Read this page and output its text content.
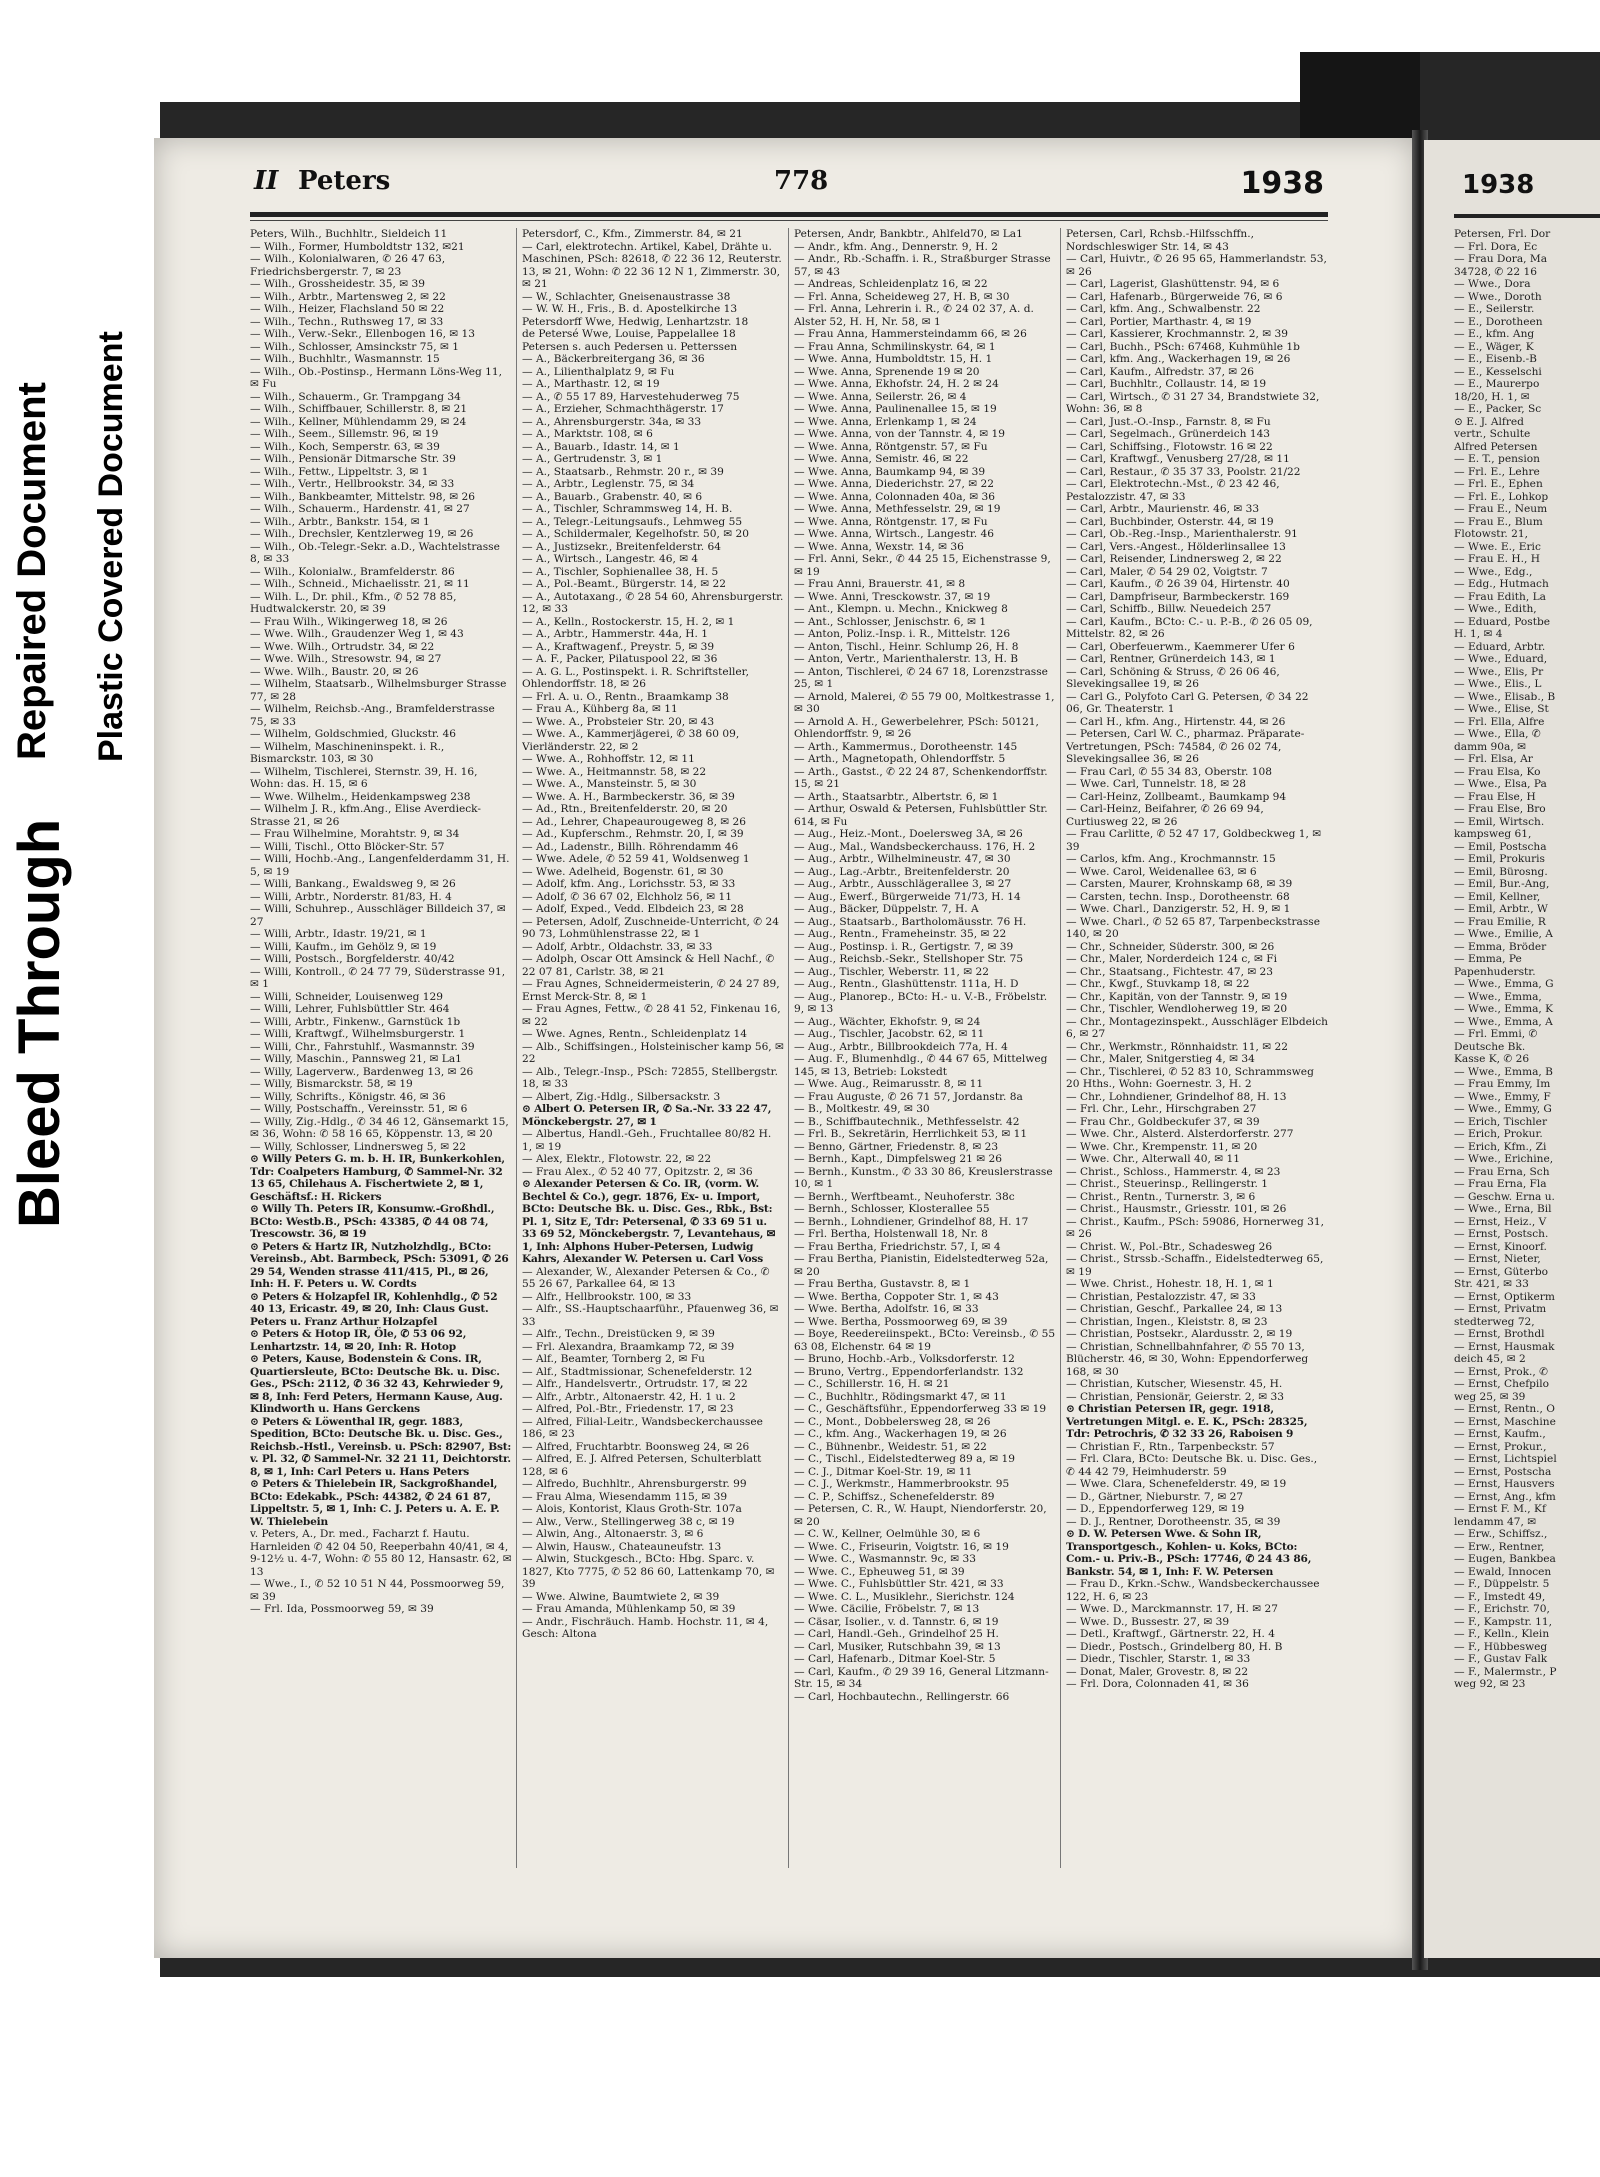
Bleed Through
Repaired Document Plastic Covered Document
II Peters	778	1938

Peters, Wilh., Buchhltr., Sieldeich 11

— Wilh., Former, Humboldtstr 132, ✉21

— Wilh., Kolonialwaren, ✆ 26 47 63, Friedrichsbergerstr. 7, ✉ 23

— Wilh., Grossheidestr. 35, ✉ 39

— Wilh., Arbtr., Martensweg 2, ✉ 22

— Wilh., Heizer, Flachsland 50 ✉ 22

— Wilh., Techn., Ruthsweg 17, ✉ 33

— Wilh., Verw.-Sekr., Ellenbogen 16, ✉ 13

— Wilh., Schlosser, Amsinckstr 75, ✉ 1

— Wilh., Buchhltr., Wasmannstr. 15

— Wilh., Ob.-Postinsp., Hermann Löns-Weg 11, ✉ Fu

— Wilh., Schauerm., Gr. Trampgang 34

— Wilh., Schiffbauer, Schillerstr. 8, ✉ 21

— Wilh., Kellner, Mühlendamm 29, ✉ 24

— Wilh., Seem., Sillemstr. 96, ✉ 19

— Wilh., Koch, Semperstr. 63, ✉ 39

— Wilh., Pensionär Ditmarsche Str. 39

— Wilh., Fettw., Lippeltstr. 3, ✉ 1

— Wilh., Vertr., Hellbrookstr. 34, ✉ 33

— Wilh., Bankbeamter, Mittelstr. 98, ✉ 26

— Wilh., Schauerm., Hardenstr. 41, ✉ 27

— Wilh., Arbtr., Bankstr. 154, ✉ 1

— Wilh., Drechsler, Kentzlerweg 19, ✉ 26

— Wilh., Ob.-Telegr.-Sekr. a.D., Wachtelstrasse 8, ✉ 33

— Wilh., Kolonialw., Bramfelderstr. 86

— Wilh., Schneid., Michaelisstr. 21, ✉ 11

— Wilh. L., Dr. phil., Kfm., ✆ 52 78 85, Hudtwalckerstr. 20, ✉ 39

— Frau Wilh., Wikingerweg 18, ✉ 26

— Wwe. Wilh., Graudenzer Weg 1, ✉ 43

— Wwe. Wilh., Ortrudstr. 34, ✉ 22

— Wwe. Wilh., Stresowstr. 94, ✉ 27

— Wwe. Wilh., Baustr. 20, ✉ 26

— Wilhelm, Staatsarb., Wilhelmsburger Strasse 77, ✉ 28

— Wilhelm, Reichsb.-Ang., Bramfelderstrasse 75, ✉ 33

— Wilhelm, Goldschmied, Gluckstr. 46

— Wilhelm, Maschineninspekt. i. R., Bismarckstr. 103, ✉ 30

— Wilhelm, Tischlerei, Sternstr. 39, H. 16, Wohn: das. H. 15, ✉ 6

— Wwe. Wilhelm., Heidenkampsweg 238

— Wilhelm J. R., kfm.Ang., Elise Averdieck-Strasse 21, ✉ 26

— Frau Wilhelmine, Morahtstr. 9, ✉ 34

— Willi, Tischl., Otto Blöcker-Str. 57

— Willi, Hochb.-Ang., Langenfelderdamm 31, H. 5, ✉ 19

— Willi, Bankang., Ewaldsweg 9, ✉ 26

— Willi, Arbtr., Norderstr. 81/83, H. 4

— Willi, Schuhrep., Ausschläger Billdeich 37, ✉ 27

— Willi, Arbtr., Idastr. 19/21, ✉ 1

— Willi, Kaufm., im Gehölz 9, ✉ 19

— Willi, Postsch., Borgfelderstr. 40/42

— Willi, Kontroll., ✆ 24 77 79, Süderstrasse 91, ✉ 1

— Willi, Schneider, Louisenweg 129

— Willi, Lehrer, Fuhlsbüttler Str. 464

— Willi, Arbtr., Finkenw., Garnstück 1b

— Willi, Kraftwgf., Wilhelmsburgerstr. 1

— Willi, Chr., Fahrstuhlf., Wasmannstr. 39

— Willy, Maschin., Pannsweg 21, ✉ La1

— Willy, Lagerverw., Bardenweg 13, ✉ 26

— Willy, Bismarckstr. 58, ✉ 19

— Willy, Schrifts., Königstr. 46, ✉ 36

— Willy, Postschaffn., Vereinsstr. 51, ✉ 6

— Willy, Zig.-Hdlg., ✆ 34 46 12, Gänsemarkt 15, ✉ 36, Wohn: ✆ 58 16 65, Köppenstr. 13, ✉ 20

— Willy, Schlosser, Lindnersweg 5, ✉ 22

⊙ Willy Peters G. m. b. H. IR, Bunkerkohlen, Tdr: Coalpeters Hamburg, ✆ Sammel-Nr. 32 13 65, Chilehaus A. Fischertwiete 2, ✉ 1, Geschäftsf.: H. Rickers

⊙ Willy Th. Peters IR, Konsumw.-Großhdl., BCto: Westb.B., PSch: 43385, ✆ 44 08 74, Trescowstr. 36, ✉ 19

⊙ Peters & Hartz IR, Nutzholzhdlg., BCto: Vereinsb., Abt. Barmbeck, PSch: 53091, ✆ 26 29 54, Wenden strasse 411/415, Pl., ✉ 26, Inh: H. F. Peters u. W. Cordts

⊙ Peters & Holzapfel IR, Kohlenhdlg., ✆ 52 40 13, Ericastr. 49, ✉ 20, Inh: Claus Gust. Peters u. Franz Arthur Holzapfel

⊙ Peters & Hotop IR, Öle, ✆ 53 06 92, Lenhartzstr. 14, ✉ 20, Inh: R. Hotop

⊙ Peters, Kause, Bodenstein & Cons. IR, Quartiersleute, BCto: Deutsche Bk. u. Disc. Ges., PSch: 2112, ✆ 36 32 43, Kehrwieder 9, ✉ 8, Inh: Ferd Peters, Hermann Kause, Aug. Klindworth u. Hans Gerckens

⊙ Peters & Löwenthal IR, gegr. 1883, Spedition, BCto: Deutsche Bk. u. Disc. Ges., Reichsb.-Hstl., Vereinsb. u. PSch: 82907, Bst: v. Pl. 32, ✆ Sammel-Nr. 32 21 11, Deichtorstr. 8, ✉ 1, Inh: Carl Peters u. Hans Peters

⊙ Peters & Thielebein IR, Sackgroßhandel, BCto: Edekabk., PSch: 44382, ✆ 24 61 87, Lippeltstr. 5, ✉ 1, Inh: C. J. Peters u. A. E. P. W. Thielebein

v. Peters, A., Dr. med., Facharzt f. Hautu. Harnleiden ✆ 42 04 50, Reeperbahn 40/41, ✉ 4, 9-12½ u. 4-7, Wohn: ✆ 55 80 12, Hansastr. 62, ✉ 13

— Wwe., I., ✆ 52 10 51 N 44, Possmoorweg 59, ✉ 39

— Frl. Ida, Possmoorweg 59, ✉ 39

Petersdorf, C., Kfm., Zimmerstr. 84, ✉ 21

— Carl, elektrotechn. Artikel, Kabel, Drähte u. Maschinen, PSch: 82618, ✆ 22 36 12, Reuterstr. 13, ✉ 21, Wohn: ✆ 22 36 12 N 1, Zimmerstr. 30, ✉ 21

— W., Schlachter, Gneisenaustrasse 38

— W. W. H., Fris., B. d. Apostelkirche 13

Petersdorff Wwe, Hedwig, Lenhartzstr. 18

de Petersé Wwe, Louise, Pappelallee 18

Petersen s. auch Pedersen u. Petterssen

— A., Bäckerbreitergang 36, ✉ 36

— A., Lilienthalplatz 9, ✉ Fu

— A., Marthastr. 12, ✉ 19

— A., ✆ 55 17 89, Harvestehuderweg 75

— A., Erzieher, Schmachthägerstr. 17

— A., Ahrensburgerstr. 34a, ✉ 33

— A., Marktstr. 108, ✉ 6

— A., Bauarb., Idastr. 14, ✉ 1

— A., Gertrudenstr. 3, ✉ 1

— A., Staatsarb., Rehmstr. 20 r., ✉ 39

— A., Arbtr., Leglenstr. 75, ✉ 34

— A., Bauarb., Grabenstr. 40, ✉ 6

— A., Tischler, Schrammsweg 14, H. B.

— A., Telegr.-Leitungsaufs., Lehmweg 55

— A., Schildermaler, Kegelhofstr. 50, ✉ 20

— A., Justizsekr., Breitenfelderstr. 64

— A., Wirtsch., Langestr. 46, ✉ 4

— A., Tischler, Sophienallee 38, H. 5

— A., Pol.-Beamt., Bürgerstr. 14, ✉ 22

— A., Autotaxang., ✆ 28 54 60, Ahrensburgerstr. 12, ✉ 33

— A., Kelln., Rostockerstr. 15, H. 2, ✉ 1

— A., Arbtr., Hammerstr. 44a, H. 1

— A., Kraftwagenf., Preystr. 5, ✉ 39

— A. F., Packer, Pilatuspool 22, ✉ 36

— A. G. L., Postinspekt. i. R. Schriftsteller, Ohlendorffstr. 18, ✉ 26

— Frl. A. u. O., Rentn., Braamkamp 38

— Frau A., Kühberg 8a, ✉ 11

— Wwe. A., Probsteier Str. 20, ✉ 43

— Wwe. A., Kammerjägerei, ✆ 38 60 09, Vierländerstr. 22, ✉ 2

— Wwe. A., Rohhoffstr. 12, ✉ 11

— Wwe. A., Heitmannstr. 58, ✉ 22

— Wwe. A., Mansteinstr. 5, ✉ 30

— Wwe. A. H., Barmbeckerstr. 36, ✉ 39

— Ad., Rtn., Breitenfelderstr. 20, ✉ 20

— Ad., Lehrer, Chapeaurougeweg 8, ✉ 26

— Ad., Kupferschm., Rehmstr. 20, I, ✉ 39

— Ad., Ladenstr., Billh. Röhrendamm 46

— Wwe. Adele, ✆ 52 59 41, Woldsenweg 1

— Wwe. Adelheid, Bogenstr. 61, ✉ 30

— Adolf, kfm. Ang., Lorichsstr. 53, ✉ 33

— Adolf, ✆ 36 67 02, Elchholz 56, ✉ 11

— Adolf, Exped., Vedd. Elbdeich 23, ✉ 28

— Petersen, Adolf, Zuschneide-Unterricht, ✆ 24 90 73, Lohmühlenstrasse 22, ✉ 1

— Adolf, Arbtr., Oldachstr. 33, ✉ 33

— Adolph, Oscar Ott Amsinck & Hell Nachf., ✆ 22 07 81, Carlstr. 38, ✉ 21

— Frau Agnes, Schneidermeisterin, ✆ 24 27 89, Ernst Merck-Str. 8, ✉ 1

— Frau Agnes, Fettw., ✆ 28 41 52, Finkenau 16, ✉ 22

— Wwe. Agnes, Rentn., Schleidenplatz 14

— Alb., Schiffsingen., Holsteinischer kamp 56, ✉ 22

— Alb., Telegr.-Insp., PSch: 72855, Stellbergstr. 18, ✉ 33

— Albert, Zig.-Hdlg., Silbersackstr. 3

⊙ Albert O. Petersen IR, ✆ Sa.-Nr. 33 22 47, Mönckebergstr. 27, ✉ 1

— Albertus, Handl.-Geh., Fruchtallee 80/82 H. 1, ✉ 19

— Alex, Elektr., Flotowstr. 22, ✉ 22

— Frau Alex., ✆ 52 40 77, Opitzstr. 2, ✉ 36

⊙ Alexander Petersen & Co. IR, (vorm. W. Bechtel & Co.), gegr. 1876, Ex- u. Import, BCto: Deutsche Bk. u. Disc. Ges., Rbk., Bst: Pl. 1, Sitz E, Tdr: Petersenal, ✆ 33 69 51 u. 33 69 52, Mönckebergstr. 7, Levantehaus, ✉ 1, Inh: Alphons Huber-Petersen, Ludwig Kahrs, Alexander W. Petersen u. Carl Voss

— Alexander, W., Alexander Petersen & Co., ✆ 55 26 67, Parkallee 64, ✉ 13

— Alfr., Hellbrookstr. 100, ✉ 33

— Alfr., SS.-Hauptschaarführ., Pfauenweg 36, ✉ 33

— Alfr., Techn., Dreistücken 9, ✉ 39

— Frl. Alexandra, Braamkamp 72, ✉ 39

— Alf., Beamter, Tornberg 2, ✉ Fu

— Alf., Stadtmissionar, Schenefelderstr. 12

— Alfr., Handelsvertr., Ortrudstr. 17, ✉ 22

— Alfr., Arbtr., Altonaerstr. 42, H. 1 u. 2

— Alfred, Pol.-Btr., Friedenstr. 17, ✉ 23

— Alfred, Filial-Leitr., Wandsbeckerchaussee 186, ✉ 23

— Alfred, Fruchtarbtr. Boonsweg 24, ✉ 26

— Alfred, E. J. Alfred Petersen, Schulterblatt 128, ✉ 6

— Alfredo, Buchhltr., Ahrensburgerstr. 99

— Frau Alma, Wiesendamm 115, ✉ 39

— Alois, Kontorist, Klaus Groth-Str. 107a

— Alw., Verw., Stellingerweg 38 c, ✉ 19

— Alwin, Ang., Altonaerstr. 3, ✉ 6

— Alwin, Hausw., Chateauneufstr. 13

— Alwin, Stuckgesch., BCto: Hbg. Sparc. v. 1827, Kto 7775, ✆ 52 86 60, Lattenkamp 70, ✉ 39

— Wwe. Alwine, Baumtwiete 2, ✉ 39

— Frau Amanda, Mühlenkamp 50, ✉ 39

— Andr., Fischräuch. Hamb. Hochstr. 11, ✉ 4, Gesch: Altona

Petersen, Andr, Bankbtr., Ahlfeld70, ✉ La1

— Andr., kfm. Ang., Dennerstr. 9, H. 2

— Andr., Rb.-Schaffn. i. R., Straßburger Strasse 57, ✉ 43

— Andreas, Schleidenplatz 16, ✉ 22

— Frl. Anna, Scheideweg 27, H. B, ✉ 30

— Frl. Anna, Lehrerin i. R., ✆ 24 02 37, A. d. Alster 52, H. H, Nr. 58, ✉ 1

— Frau Anna, Hammersteindamm 66, ✉ 26

— Frau Anna, Schmilinskystr. 64, ✉ 1

— Wwe. Anna, Humboldtstr. 15, H. 1

— Wwe. Anna, Sprenende 19 ✉ 20

— Wwe. Anna, Ekhofstr. 24, H. 2 ✉ 24

— Wwe. Anna, Seilerstr. 26, ✉ 4

— Wwe. Anna, Paulinenallee 15, ✉ 19

— Wwe. Anna, Erlenkamp 1, ✉ 24

— Wwe. Anna, von der Tannstr. 4, ✉ 19

— Wwe. Anna, Röntgenstr. 57, ✉ Fu

— Wwe. Anna, Semistr. 46, ✉ 22

— Wwe. Anna, Baumkamp 94, ✉ 39

— Wwe. Anna, Diederichstr. 27, ✉ 22

— Wwe. Anna, Colonnaden 40a, ✉ 36

— Wwe. Anna, Methfesselstr. 29, ✉ 19

— Wwe. Anna, Röntgenstr. 17, ✉ Fu

— Wwe. Anna, Wirtsch., Langestr. 46

— Wwe. Anna, Wexstr. 14, ✉ 36

— Frl. Anni, Sekr., ✆ 44 25 15, Eichenstrasse 9, ✉ 19

— Frau Anni, Brauerstr. 41, ✉ 8

— Wwe. Anni, Tresckowstr. 37, ✉ 19

— Ant., Klempn. u. Mechn., Knickweg 8

— Ant., Schlosser, Jenischstr. 6, ✉ 1

— Anton, Poliz.-Insp. i. R., Mittelstr. 126

— Anton, Tischl., Heinr. Schlump 26, H. 8

— Anton, Vertr., Marienthalerstr. 13, H. B

— Anton, Tischlerei, ✆ 24 67 18, Lorenzstrasse 25, ✉ 1

— Arnold, Malerei, ✆ 55 79 00, Moltkestrasse 1, ✉ 30

— Arnold A. H., Gewerbelehrer, PSch: 50121, Ohlendorffstr. 9, ✉ 26

— Arth., Kammermus., Dorotheenstr. 145

— Arth., Magnetopath, Ohlendorffstr. 5

— Arth., Gastst., ✆ 22 24 87, Schenkendorffstr. 15, ✉ 21

— Arth., Staatsarbtr., Albertstr. 6, ✉ 1

— Arthur, Oswald & Petersen, Fuhlsbüttler Str. 614, ✉ Fu

— Aug., Heiz.-Mont., Doelersweg 3A, ✉ 26

— Aug., Mal., Wandsbeckerchauss. 176, H. 2

— Aug., Arbtr., Wilhelmineustr. 47, ✉ 30

— Aug., Lag.-Arbtr., Breitenfelderstr. 20

— Aug., Arbtr., Ausschlägerallee 3, ✉ 27

— Aug., Ewerf., Bürgerweide 71/73, H. 14

— Aug., Bäcker, Düppelstr. 7, H. A

— Aug., Staatsarb., Bartholomäusstr. 76 H.

— Aug., Rentn., Frameheinstr. 35, ✉ 22

— Aug., Postinsp. i. R., Gertigstr. 7, ✉ 39

— Aug., Reichsb.-Sekr., Stellshoper Str. 75

— Aug., Tischler, Weberstr. 11, ✉ 22

— Aug., Rentn., Glashüttenstr. 111a, H. D

— Aug., Planorep., BCto: H.- u. V.-B., Fröbelstr. 9, ✉ 13

— Aug., Wächter, Ekhofstr. 9, ✉ 24

— Aug., Tischler, Jacobstr. 62, ✉ 11

— Aug., Arbtr., Billbrookdeich 77a, H. 4

— Aug. F., Blumenhdlg., ✆ 44 67 65, Mittelweg 145, ✉ 13, Betrieb: Lokstedt

— Wwe. Aug., Reimarusstr. 8, ✉ 11

— Frau Auguste, ✆ 26 71 57, Jordanstr. 8a

— B., Moltkestr. 49, ✉ 30

— B., Schiffbautechnik., Methfesselstr. 42

— Frl. B., Sekretärin, Herrlichkeit 53, ✉ 11

— Benno, Gärtner, Friedenstr. 8, ✉ 23

— Bernh., Kapt., Dimpfelsweg 21 ✉ 26

— Bernh., Kunstm., ✆ 33 30 86, Kreuslerstrasse 10, ✉ 1

— Bernh., Werftbeamt., Neuhoferstr. 38c

— Bernh., Schlosser, Klosterallee 55

— Bernh., Lohndiener, Grindelhof 88, H. 17

— Frl. Bertha, Holstenwall 18, Nr. 8

— Frau Bertha, Friedrichstr. 57, I, ✉ 4

— Frau Bertha, Pianistin, Eidelstedterweg 52a, ✉ 20

— Frau Bertha, Gustavstr. 8, ✉ 1

— Wwe. Bertha, Coppoter Str. 1, ✉ 43

— Wwe. Bertha, Adolfstr. 16, ✉ 33

— Wwe. Bertha, Possmoorweg 69, ✉ 39

— Boye, Reedereiinspekt., BCto: Vereinsb., ✆ 55 63 08, Elchenstr. 64 ✉ 19

— Bruno, Hochb.-Arb., Volksdorferstr. 12

— Bruno, Vertrg., Eppendorferlandstr. 132

— C., Schillerstr. 16, H. ✉ 21

— C., Buchhltr., Rödingsmarkt 47, ✉ 11

— C., Geschäftsführ., Eppendorferweg 33 ✉ 19

— C., Mont., Dobbelersweg 28, ✉ 26

— C., kfm. Ang., Wackerhagen 19, ✉ 26

— C., Bühnenbr., Weidestr. 51, ✉ 22

— C., Tischl., Eidelstedterweg 89 a, ✉ 19

— C. J., Ditmar Koel-Str. 19, ✉ 11

— C. J., Werkmstr., Hammerbrookstr. 95

— C. P., Schiffsz., Schenefelderstr. 89

— Petersen, C. R., W. Haupt, Niendorferstr. 20, ✉ 20

— C. W., Kellner, Oelmühle 30, ✉ 6

— Wwe. C., Friseurin, Voigtstr. 16, ✉ 19

— Wwe. C., Wasmannstr. 9c, ✉ 33

— Wwe. C., Epheuweg 51, ✉ 39

— Wwe. C., Fuhlsbüttler Str. 421, ✉ 33

— Wwe. C. L., Musiklehr., Sierichstr. 124

— Wwe. Cäcilie, Fröbelstr. 7, ✉ 13

— Cäsar, Isolier., v. d. Tannstr. 6, ✉ 19

— Carl, Handl.-Geh., Grindelhof 25 H.

— Carl, Musiker, Rutschbahn 39, ✉ 13

— Carl, Hafenarb., Ditmar Koel-Str. 5

— Carl, Kaufm., ✆ 29 39 16, General Litzmann-Str. 15, ✉ 34

— Carl, Hochbautechn., Rellingerstr. 66

Petersen, Carl, Rchsb.-Hilfsschffn., Nordschleswiger Str. 14, ✉ 43

— Carl, Huivtr., ✆ 26 95 65, Hammerlandstr. 53, ✉ 26

— Carl, Lagerist, Glashüttenstr. 94, ✉ 6

— Carl, Hafenarb., Bürgerweide 76, ✉ 6

— Carl, kfm. Ang., Schwalbenstr. 22

— Carl, Portier, Marthastr. 4, ✉ 19

— Carl, Kassierer, Krochmannstr. 2, ✉ 39

— Carl, Buchh., PSch: 67468, Kuhmühle 1b

— Carl, kfm. Ang., Wackerhagen 19, ✉ 26

— Carl, Kaufm., Alfredstr. 37, ✉ 26

— Carl, Buchhltr., Collaustr. 14, ✉ 19

— Carl, Wirtsch., ✆ 31 27 34, Brandstwiete 32, Wohn: 36, ✉ 8

— Carl, Just.-O.-Insp., Farnstr. 8, ✉ Fu

— Carl, Segelmach., Grünerdeich 143

— Carl, Schiffsing., Flotowstr. 16 ✉ 22

— Carl, Kraftwgf., Venusberg 27/28, ✉ 11

— Carl, Restaur., ✆ 35 37 33, Poolstr. 21/22

— Carl, Elektrotechn.-Mst., ✆ 23 42 46, Pestalozzistr. 47, ✉ 33

— Carl, Arbtr., Maurienstr. 46, ✉ 33

— Carl, Buchbinder, Osterstr. 44, ✉ 19

— Carl, Ob.-Reg.-Insp., Marienthalerstr. 91

— Carl, Vers.-Angest., Hölderlinsallee 13

— Carl, Reisender, Lindnersweg 2, ✉ 22

— Carl, Maler, ✆ 54 29 02, Voigtstr. 7

— Carl, Kaufm., ✆ 26 39 04, Hirtenstr. 40

— Carl, Dampfriseur, Barmbeckerstr. 169

— Carl, Schiffb., Billw. Neuedeich 257

— Carl, Kaufm., BCto: C.- u. P.-B., ✆ 26 05 09, Mittelstr. 82, ✉ 26

— Carl, Oberfeuerwm., Kaemmerer Ufer 6

— Carl, Rentner, Grünerdeich 143, ✉ 1

— Carl, Schöning & Struss, ✆ 26 06 46, Slevekingsallee 19, ✉ 26

— Carl G., Polyfoto Carl G. Petersen, ✆ 34 22 06, Gr. Theaterstr. 1

— Carl H., kfm. Ang., Hirtenstr. 44, ✉ 26

— Petersen, Carl W. C., pharmaz. Präparate-Vertretungen, PSch: 74584, ✆ 26 02 74, Slevekingsallee 36, ✉ 26

— Frau Carl, ✆ 55 34 83, Oberstr. 108

— Wwe. Carl, Tunnelstr. 18, ✉ 28

— Carl-Heinz, Zollbeamt., Baumkamp 94

— Carl-Heinz, Beifahrer, ✆ 26 69 94, Curtiusweg 22, ✉ 26

— Frau Carlitte, ✆ 52 47 17, Goldbeckweg 1, ✉ 39

— Carlos, kfm. Ang., Krochmannstr. 15

— Wwe. Carol, Weidenallee 63, ✉ 6

— Carsten, Maurer, Krohnskamp 68, ✉ 39

— Carsten, techn. Insp., Dorotheenstr. 68

— Wwe. Charl., Danzigerstr. 52, H. 9, ✉ 1

— Wwe. Charl., ✆ 52 65 87, Tarpenbeckstrasse 140, ✉ 20

— Chr., Schneider, Süderstr. 300, ✉ 26

— Chr., Maler, Norderdeich 124 c, ✉ Fi

— Chr., Staatsang., Fichtestr. 47, ✉ 23

— Chr., Kwgf., Stuvkamp 18, ✉ 22

— Chr., Kapitän, von der Tannstr. 9, ✉ 19

— Chr., Tischler, Wendloherweg 19, ✉ 20

— Chr., Montagezinspekt., Ausschläger Elbdeich 6, ✉ 27

— Chr., Werkmstr., Rönnhaidstr. 11, ✉ 22

— Chr., Maler, Snitgerstieg 4, ✉ 34

— Chr., Tischlerei, ✆ 52 83 10, Schrammsweg 20 Hths., Wohn: Goernestr. 3, H. 2

— Chr., Lohndiener, Grindelhof 88, H. 13

— Frl. Chr., Lehr., Hirschgraben 27

— Frau Chr., Goldbeckufer 37, ✉ 39

— Wwe. Chr., Alsterd. Alsterdorferstr. 277

— Wwe. Chr., Krempenstr. 11, ✉ 20

— Wwe. Chr., Alterwall 40, ✉ 11

— Christ., Schloss., Hammerstr. 4, ✉ 23

— Christ., Steuerinsp., Rellingerstr. 1

— Christ., Rentn., Turnerstr. 3, ✉ 6

— Christ., Hausmstr., Griesstr. 101, ✉ 26

— Christ., Kaufm., PSch: 59086, Hornerweg 31, ✉ 26

— Christ. W., Pol.-Btr., Schadesweg 26

— Christ., Strssb.-Schaffn., Eidelstedterweg 65, ✉ 19

— Wwe. Christ., Hohestr. 18, H. 1, ✉ 1

— Christian, Pestalozzistr. 47, ✉ 33

— Christian, Geschf., Parkallee 24, ✉ 13

— Christian, Ingen., Kleiststr. 8, ✉ 23

— Christian, Postsekr., Alardusstr. 2, ✉ 19

— Christian, Schnellbahnfahrer, ✆ 55 70 13, Blücherstr. 46, ✉ 30, Wohn: Eppendorferweg 168, ✉ 30

— Christian, Kutscher, Wiesenstr. 45, H.

— Christian, Pensionär, Geierstr. 2, ✉ 33

⊙ Christian Petersen IR, gegr. 1918, Vertretungen Mitgl. e. E. K., PSch: 28325, Tdr: Petrochris, ✆ 32 33 26, Raboisen 9

— Christian F., Rtn., Tarpenbeckstr. 57

— Frl. Clara, BCto: Deutsche Bk. u. Disc. Ges., ✆ 44 42 79, Heimhuderstr. 59

— Wwe. Clara, Schenefelderstr. 49, ✉ 19

— D., Gärtner, Nieburstr. 7, ✉ 27

— D., Eppendorferweg 129, ✉ 19

— D. J., Rentner, Dorotheenstr. 35, ✉ 39

⊙ D. W. Petersen Wwe. & Sohn IR, Transportgesch., Kohlen- u. Koks, BCto: Com.- u. Priv.-B., PSch: 17746, ✆ 24 43 86, Bankstr. 54, ✉ 1, Inh: F. W. Petersen

— Frau D., Krkn.-Schw., Wandsbeckerchaussee 122, H. 6, ✉ 23

— Wwe. D., Marckmannstr. 17, H. ✉ 27

— Wwe. D., Bussestr. 27, ✉ 39

— Detl., Kraftwgf., Gärtnerstr. 22, H. 4

— Diedr., Postsch., Grindelberg 80, H. B

— Diedr., Tischler, Starstr. 1, ✉ 33

— Donat, Maler, Grovestr. 8, ✉ 22

— Frl. Dora, Colonnaden 41, ✉ 36

1938
Petersen, Frl. Dor
— Frl. Dora, Ec
— Frau Dora, Ma
34728, ✆ 22 16
— Wwe., Dora
— Wwe., Doroth
— E., Seilerstr.
— E., Dorotheen
— E., kfm. Ang
— E., Wäger, K
— E., Eisenb.-B
— E., Kesselschi
— E., Maurerpo
18/20, H. 1, ✉
— E., Packer, Sc
⊙ E. J. Alfred
vertr., Schulte
Alfred Petersen
— E. T., pension
— Frl. E., Lehre
— Frl. E., Ephen
— Frl. E., Lohkop
— Frau E., Neum
— Frau E., Blum
Flotowstr. 21,
— Wwe. E., Eric
— Frau E. H., H
— Wwe., Edg.,
— Edg., Hutmach
— Frau Edith, La
— Wwe., Edith,
— Eduard, Postbe
H. 1, ✉ 4
— Eduard, Arbtr.
— Wwe., Eduard,
— Wwe., Elis, Pr
— Wwe., Elis., L
— Wwe., Elisab., B
— Wwe., Elise, St
— Frl. Ella, Alfre
— Wwe., Ella, ✆
damm 90a, ✉
— Frl. Elsa, Ar
— Frau Elsa, Ko
— Wwe., Elsa, Pa
— Frau Else, H
— Frau Else, Bro
— Emil, Wirtsch.
kampsweg 61,
— Emil, Postscha
— Emil, Prokuris
— Emil, Bürosng.
— Emil, Bur.-Ang,
— Emil, Kellner,
— Emil, Arbtr., W
— Frau Emilie, R
— Wwe., Emilie, A
— Emma, Bröder
— Emma, Pe
Papenhuderstr.
— Wwe., Emma, G
— Wwe., Emma,
— Wwe., Emma, K
— Wwe., Emma, A
— Frl. Emmi, ✆
Deutsche Bk.
Kasse K, ✆ 26
— Wwe., Emma, B
— Frau Emmy, Im
— Wwe., Emmy, F
— Wwe., Emmy, G
— Erich, Tischler
— Erich, Prokur.
— Erich, Kfm., Zi
— Wwe., Erichine,
— Frau Erna, Sch
— Frau Erna, Fla
— Geschw. Erna u.
— Wwe., Erna, Bil
— Ernst, Heiz., V
— Ernst, Postsch.
— Ernst, Kinoorf.
— Ernst, Nieter,
— Ernst, Güterbo
Str. 421, ✉ 33
— Ernst, Optikerm
— Ernst, Privatm
stedterweg 72,
— Ernst, Brothdl
— Ernst, Hausmak
deich 45, ✉ 2
— Ernst, Prok., ✆
— Ernst, Chefpilo
weg 25, ✉ 39
— Ernst, Rentn., O
— Ernst, Maschine
— Ernst, Kaufm.,
— Ernst, Prokur.,
— Ernst, Lichtspiel
— Ernst, Postscha
— Ernst, Hausvers
— Ernst, Ang., kfm
— Ernst F. M., Kf
lendamm 47, ✉
— Erw., Schiffsz.,
— Erw., Rentner,
— Eugen, Bankbea
— Ewald, Innocen
— F., Düppelstr. 5
— F., Imstedt 49,
— F., Erichstr. 70,
— F., Kampstr. 11,
— F., Kelln., Klein
— F., Hübbesweg
— F., Gustav Falk
— F., Malermstr., P
weg 92, ✉ 23
